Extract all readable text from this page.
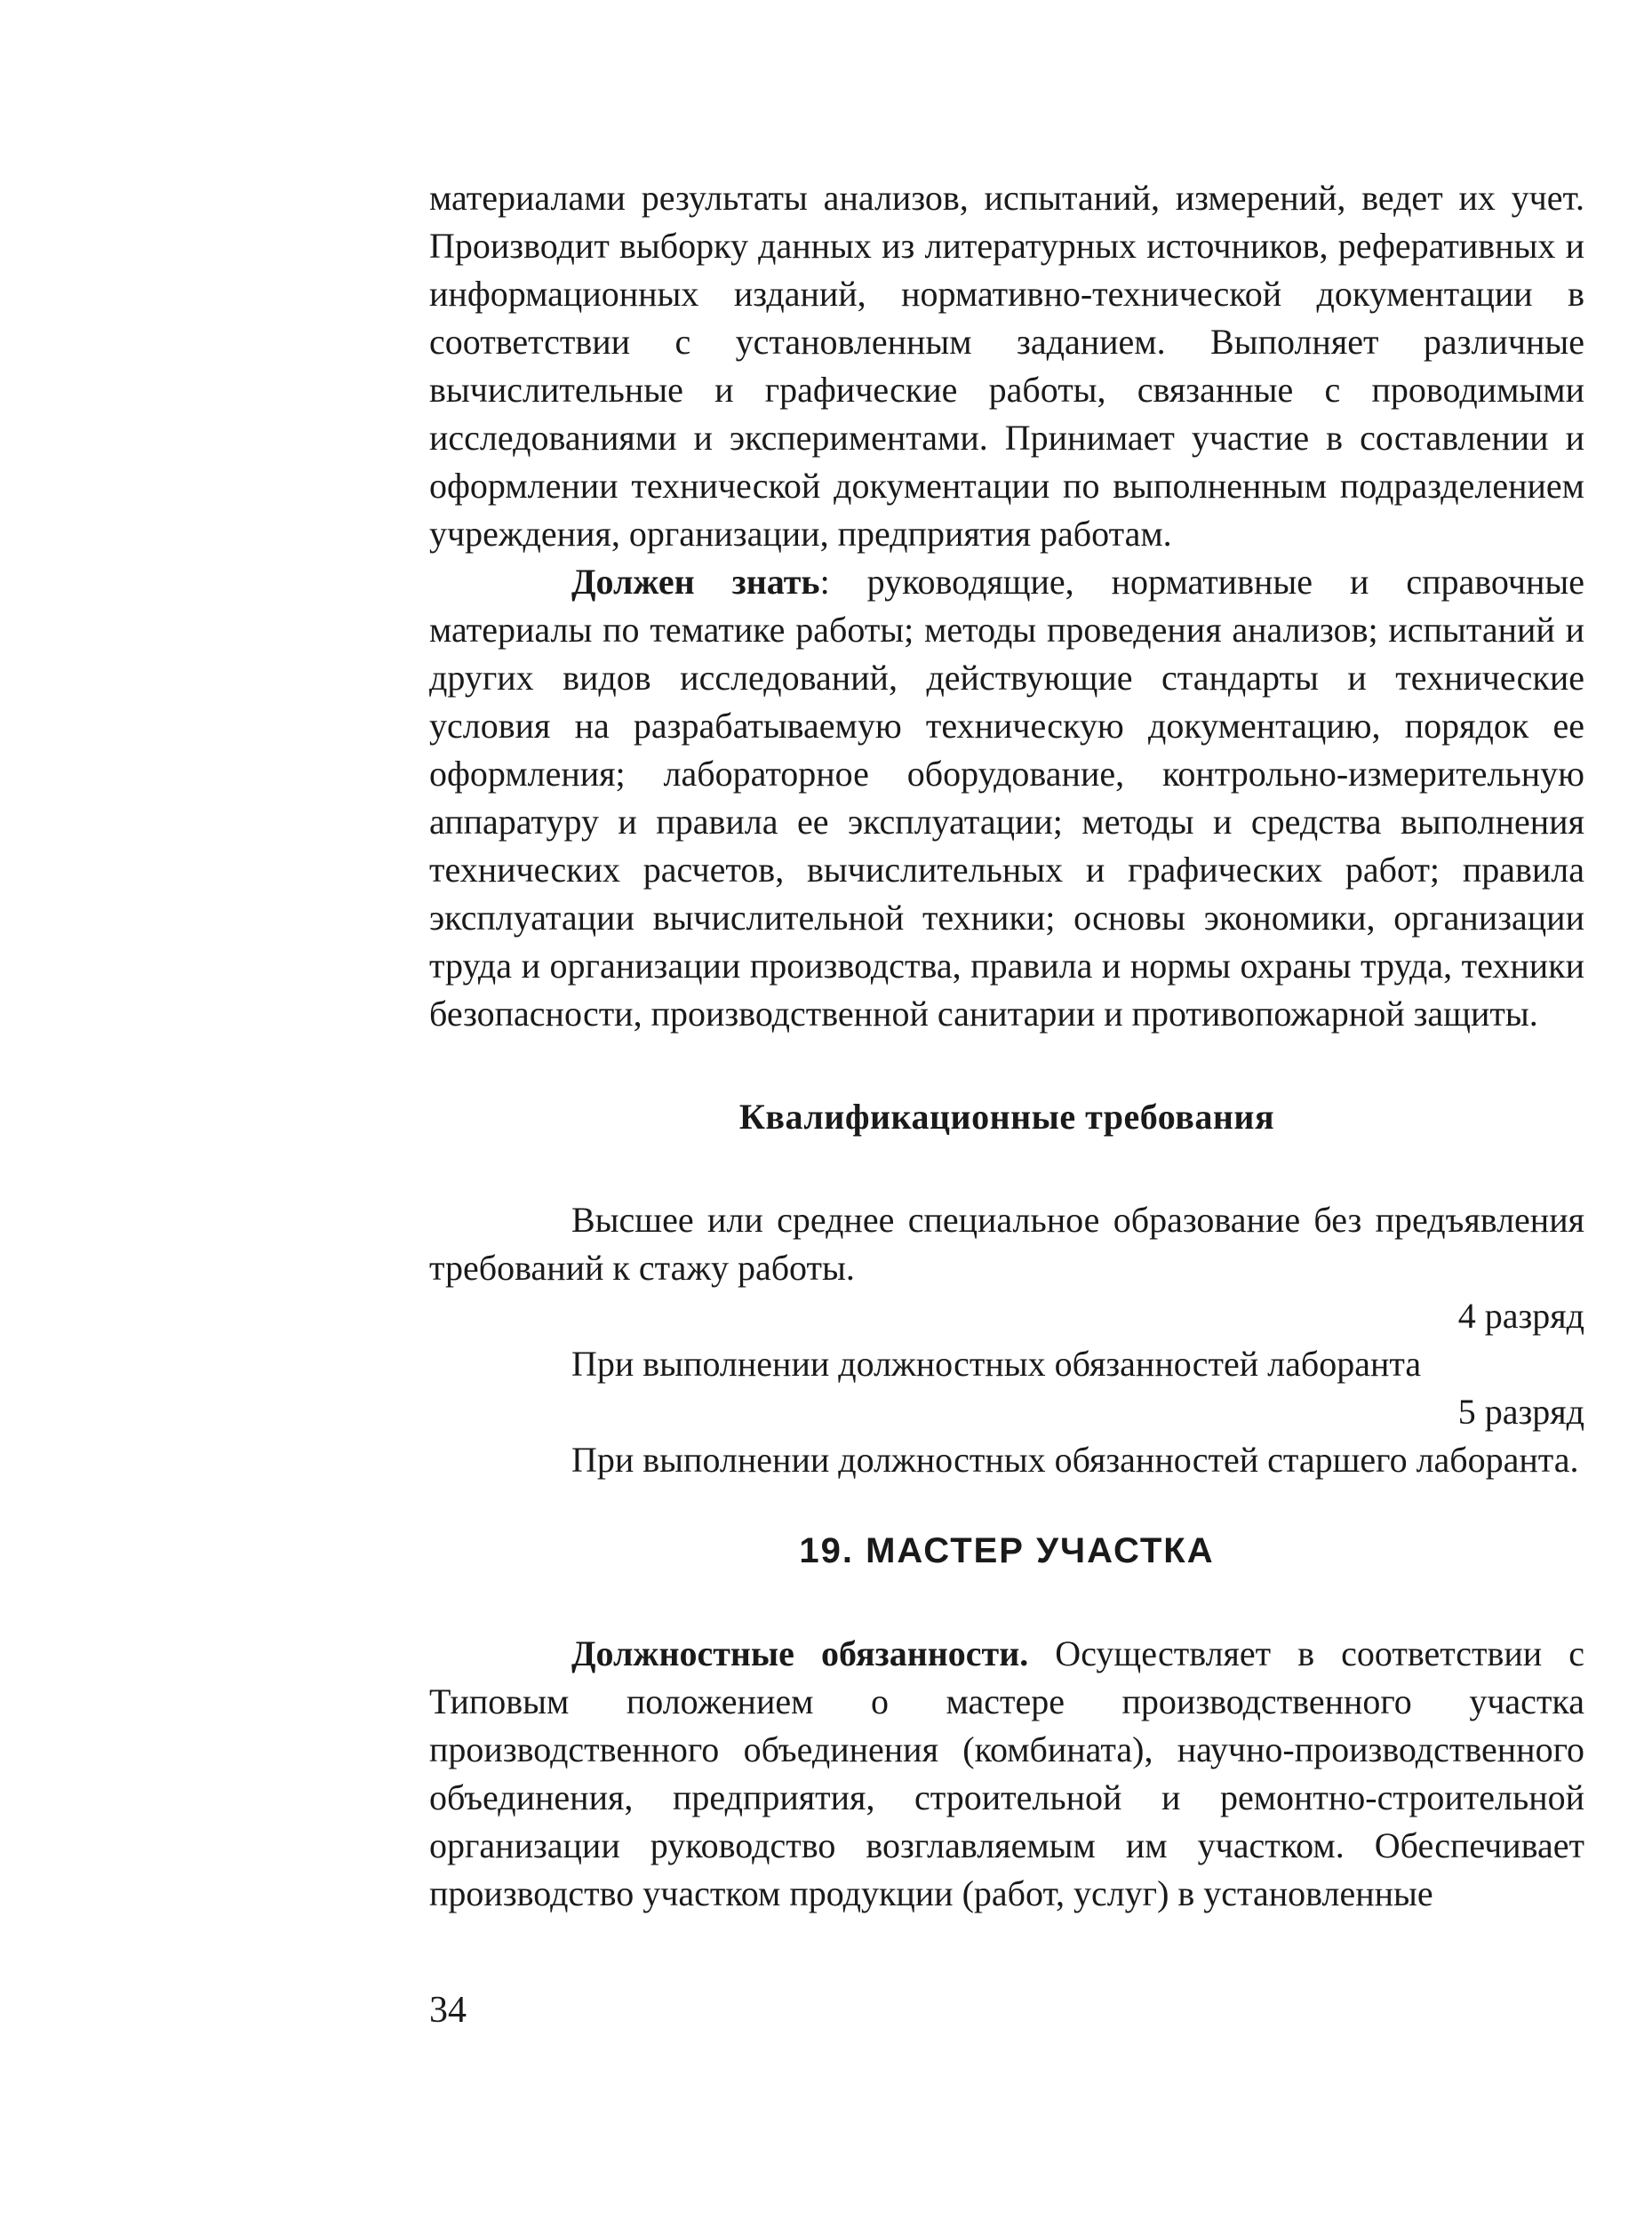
материалами результаты анализов, испытаний, измерений, ведет их учет. Производит выборку данных из литературных источников, реферативных и информационных изданий, нормативно-технической документации в соответствии с установленным заданием. Выполняет различные вычислительные и графические работы, связанные с проводимыми исследованиями и экспериментами. Принимает участие в составлении и оформлении технической документации по выполненным подразделением учреждения, организации, предприятия работам.

Должен знать: руководящие, нормативные и справочные материалы по тематике работы; методы проведения анализов; испытаний и других видов исследований, действующие стандарты и технические условия на разрабатываемую техническую документацию, порядок ее оформления; лабораторное оборудование, контрольно-измерительную аппаратуру и правила ее эксплуатации; методы и средства выполнения технических расчетов, вычислительных и графических работ; правила эксплуатации вычислительной техники; основы экономики, организации труда и организации производства, правила и нормы охраны труда, техники безопасности, производственной санитарии и противопожарной защиты.

Квалификационные требования

Высшее или среднее специальное образование без предъявления требований к стажу работы.

4 разряд

При выполнении должностных обязанностей лаборанта

5 разряд

При выполнении должностных обязанностей старшего лаборанта.

19. МАСТЕР УЧАСТКА

Должностные обязанности. Осуществляет в соответствии с Типовым положением о мастере производственного участка производственного объединения (комбината), научно-производственного объединения, предприятия, строительной и ремонтно-строительной организации руководство возглавляемым им участком. Обеспечивает производство участком продукции (работ, услуг) в установленные

34
